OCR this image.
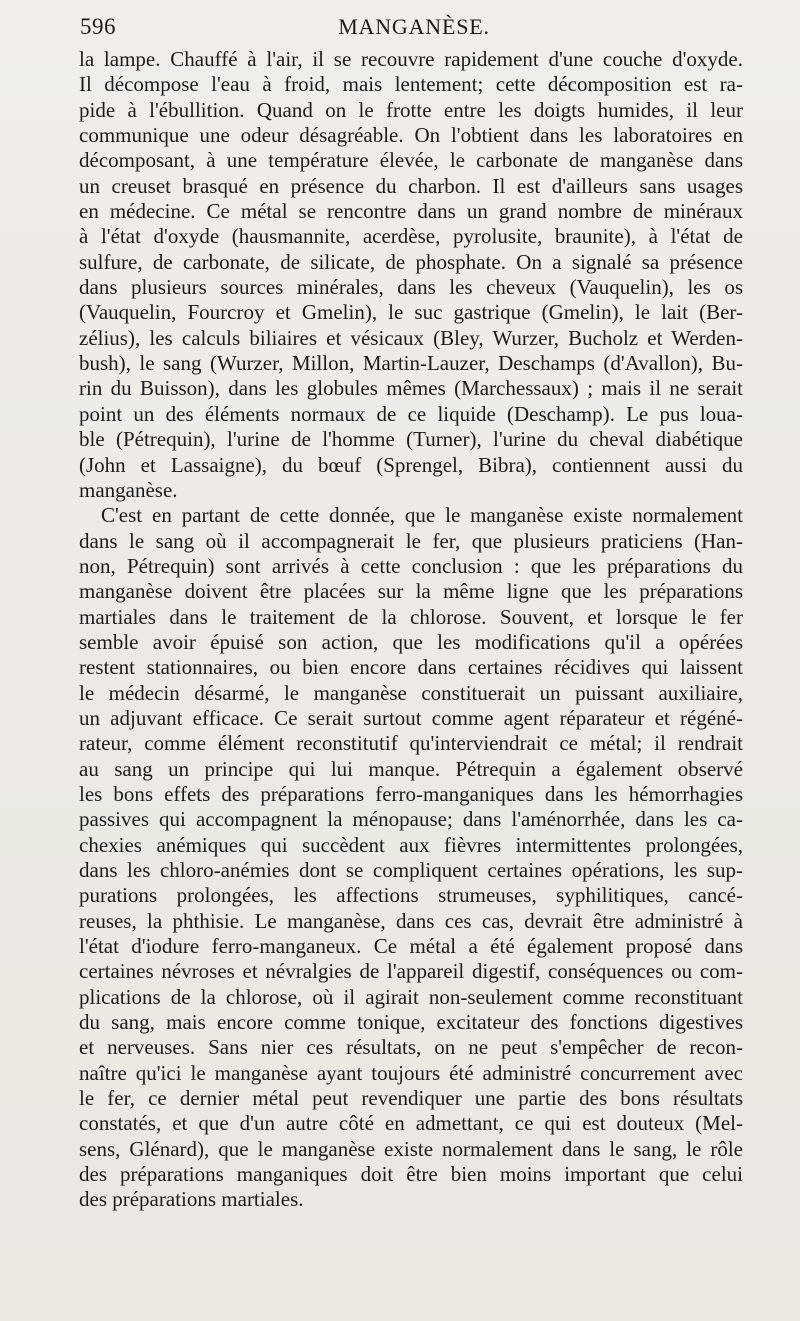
596	MANGANÈSE.
la lampe. Chauffé à l'air, il se recouvre rapidement d'une couche d'oxyde.
Il décompose l'eau à froid, mais lentement; cette décomposition est ra-
pide à l'ébullition. Quand on le frotte entre les doigts humides, il leur
communique une odeur désagréable. On l'obtient dans les laboratoires en
décomposant, à une température élevée, le carbonate de manganèse dans
un creuset brasqué en présence du charbon. Il est d'ailleurs sans usages
en médecine. Ce métal se rencontre dans un grand nombre de minéraux
à l'état d'oxyde (hausmannite, acerdèse, pyrolusite, braunite), à l'état de
sulfure, de carbonate, de silicate, de phosphate. On a signalé sa présence
dans plusieurs sources minérales, dans les cheveux (Vauquelin), les os
(Vauquelin, Fourcroy et Gmelin), le suc gastrique (Gmelin), le lait (Ber-
zélius), les calculs biliaires et vésicaux (Bley, Wurzer, Bucholz et Werden-
bush), le sang (Wurzer, Millon, Martin-Lauzer, Deschamps (d'Avallon), Bu-
rin du Buisson), dans les globules mêmes (Marchessaux) ; mais il ne serait
point un des éléments normaux de ce liquide (Deschamp). Le pus loua-
ble (Pétrequin), l'urine de l'homme (Turner), l'urine du cheval diabétique
(John et Lassaigne), du bœuf (Sprengel, Bibra), contiennent aussi du
manganèse.
C'est en partant de cette donnée, que le manganèse existe normalement
dans le sang où il accompagnerait le fer, que plusieurs praticiens (Han-
non, Pétrequin) sont arrivés à cette conclusion : que les préparations du
manganèse doivent être placées sur la même ligne que les préparations
martiales dans le traitement de la chlorose. Souvent, et lorsque le fer
semble avoir épuisé son action, que les modifications qu'il a opérées
restent stationnaires, ou bien encore dans certaines récidives qui laissent
le médecin désarmé, le manganèse constituerait un puissant auxiliaire,
un adjuvant efficace. Ce serait surtout comme agent réparateur et régéné-
rateur, comme élément reconstitutif qu'interviendrait ce métal; il rendrait
au sang un principe qui lui manque. Pétrequin a également observé
les bons effets des préparations ferro-manganiques dans les hémorrhagies
passives qui accompagnent la ménopause; dans l'aménorrhée, dans les ca-
chexies anémiques qui succèdent aux fièvres intermittentes prolongées,
dans les chloro-anémies dont se compliquent certaines opérations, les sup-
purations prolongées, les affections strumeuses, syphilitiques, cancé-
reuses, la phthisie. Le manganèse, dans ces cas, devrait être administré à
l'état d'iodure ferro-manganeux. Ce métal a été également proposé dans
certaines névroses et névralgies de l'appareil digestif, conséquences ou com-
plications de la chlorose, où il agirait non-seulement comme reconstituant
du sang, mais encore comme tonique, excitateur des fonctions digestives
et nerveuses. Sans nier ces résultats, on ne peut s'empêcher de recon-
naître qu'ici le manganèse ayant toujours été administré concurrement avec
le fer, ce dernier métal peut revendiquer une partie des bons résultats
constatés, et que d'un autre côté en admettant, ce qui est douteux (Mel-
sens, Glénard), que le manganèse existe normalement dans le sang, le rôle
des préparations manganiques doit être bien moins important que celui
des préparations martiales.
